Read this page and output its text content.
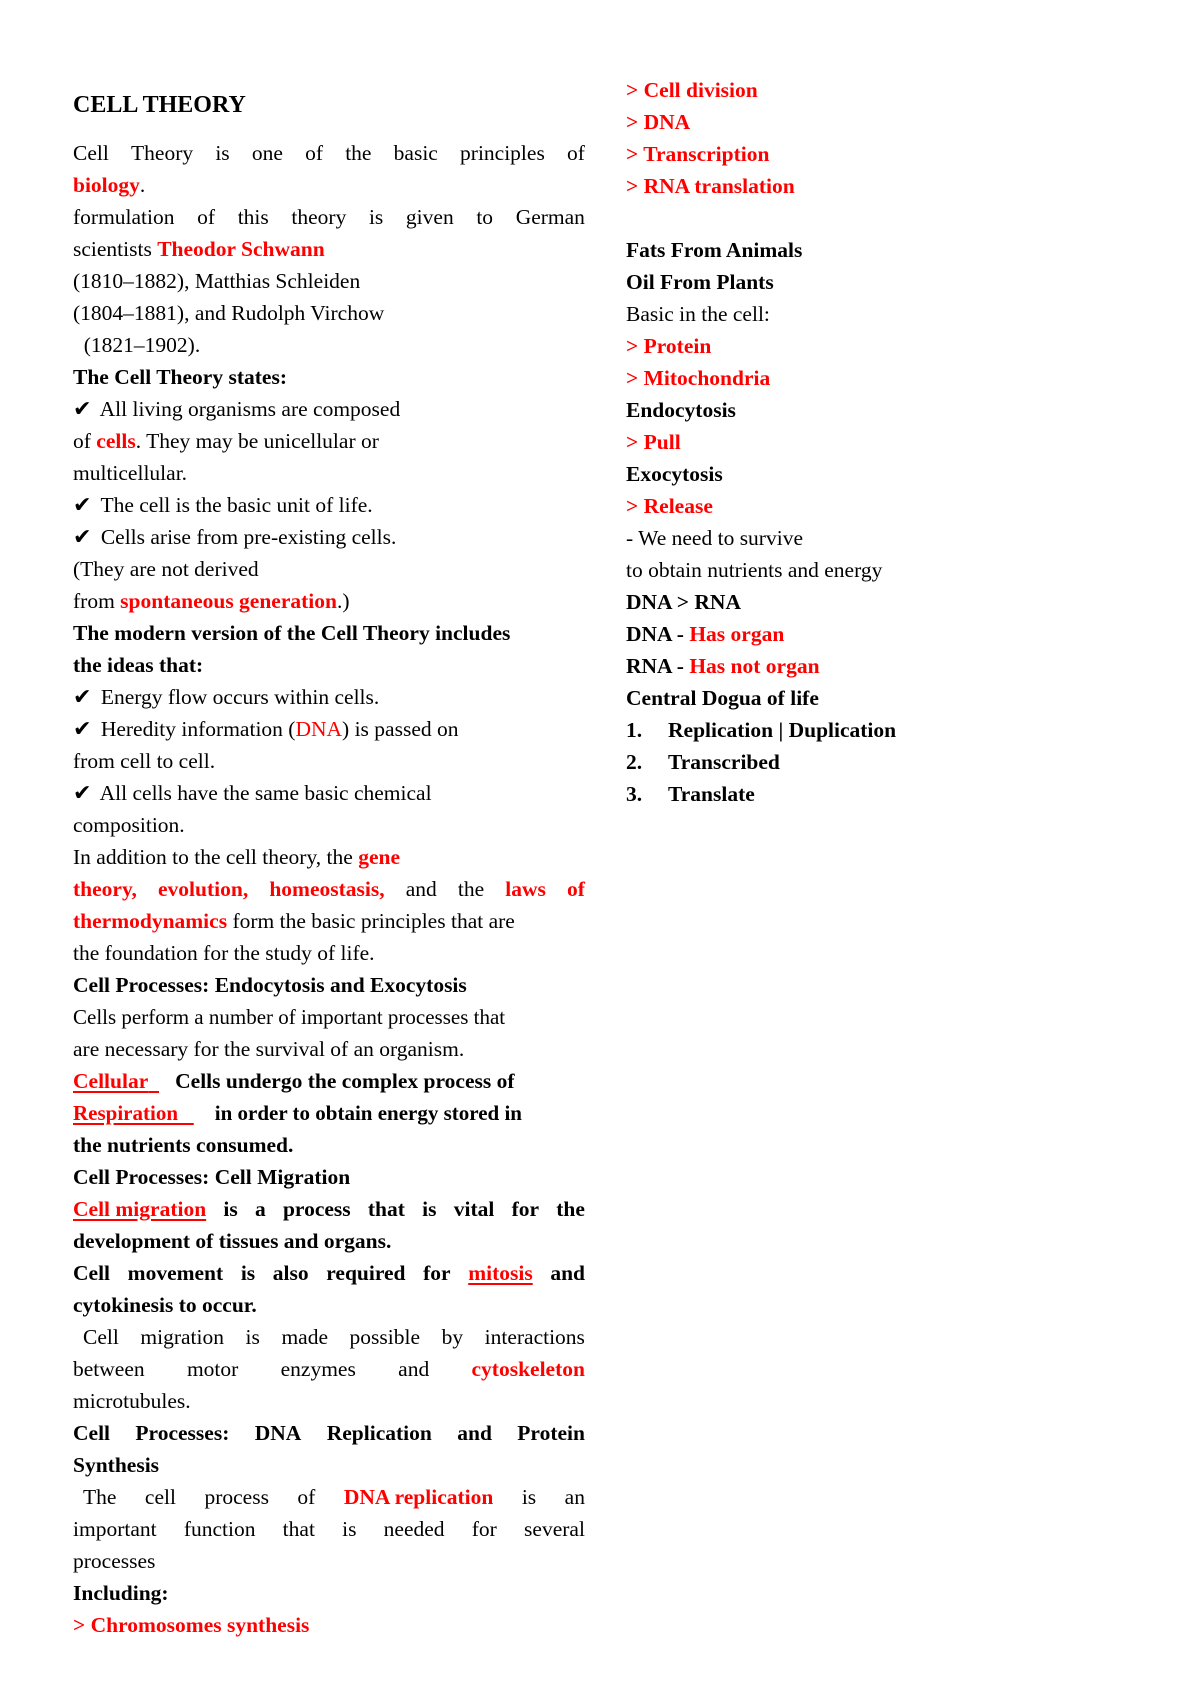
CELL THEORY
Cell Theory is one of the basic principles of
biology.
formulation of this theory is given to German
scientists Theodor Schwann
(1810–1882), Matthias Schleiden
(1804–1881), and Rudolph Virchow
(1821–1902).
The Cell Theory states:
✔ All living organisms are composed
of cells. They may be unicellular or
multicellular.
✔ The cell is the basic unit of life.
✔ Cells arise from pre-existing cells.
(They are not derived
from spontaneous generation.)
The modern version of the Cell Theory includes
the ideas that:
✔ Energy flow occurs within cells.
✔ Heredity information (DNA) is passed on
from cell to cell.
✔ All cells have the same basic chemical
composition.
In addition to the cell theory, the gene
theory, evolution, homeostasis, and the laws of
thermodynamics form the basic principles that are
the foundation for the study of life.
Cell Processes: Endocytosis and Exocytosis
Cells perform a number of important processes that
are necessary for the survival of an organism.
Cellular Cells undergo the complex process of
Respiration in order to obtain energy stored in
the nutrients consumed.
Cell Processes: Cell Migration
Cell migration is a process that is vital for the
development of tissues and organs.
Cell movement is also required for mitosis and
cytokinesis to occur.
Cell migration is made possible by interactions
between motor enzymes and cytoskeleton
microtubules.
Cell Processes: DNA Replication and Protein
Synthesis
The cell process of DNA replication is an
important function that is needed for several
processes
Including:
> Chromosomes synthesis
> Cell division
> DNA
> Transcription
> RNA translation
Fats From Animals
Oil From Plants
Basic in the cell:
> Protein
> Mitochondria
Endocytosis
> Pull
Exocytosis
> Release
- We need to survive
to obtain nutrients and energy
DNA > RNA
DNA - Has organ
RNA - Has not organ
Central Dogua of life
1. Replication | Duplication
2. Transcribed
3. Translate
